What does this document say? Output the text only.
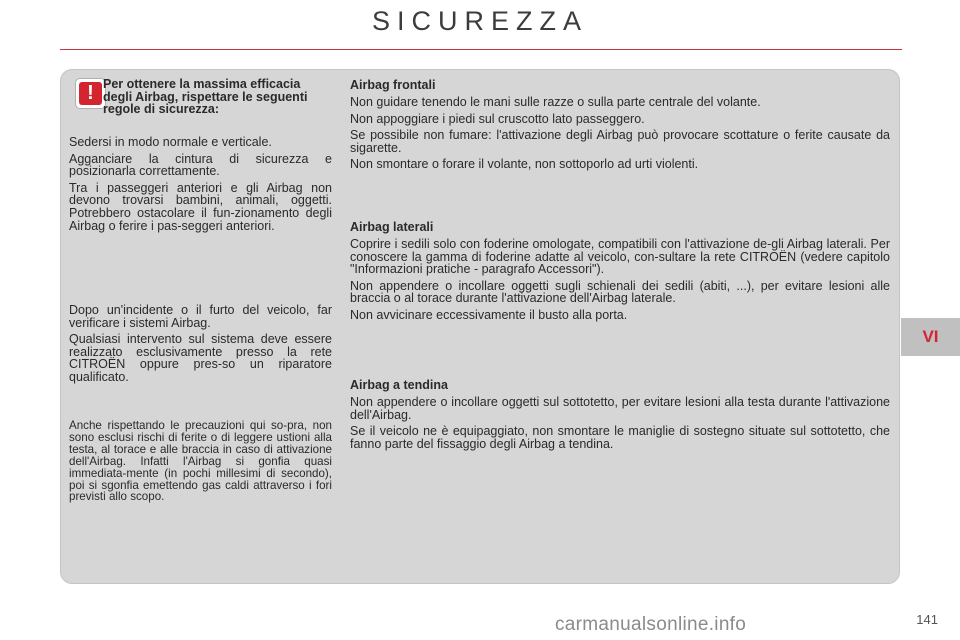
SICUREZZA
! Per ottenere la massima efficacia degli Airbag, rispettare le seguenti regole di sicurezza:

Sedersi in modo normale e verticale.

Agganciare la cintura di sicurezza e posizionarla correttamente.

Tra i passeggeri anteriori e gli Airbag non devono trovarsi bambini, animali, oggetti. Potrebbero ostacolare il fun-zionamento degli Airbag o ferire i pas-seggeri anteriori.

Dopo un'incidente o il furto del veicolo, far verificare i sistemi Airbag.

Qualsiasi intervento sul sistema deve essere realizzato esclusivamente presso la rete CITROËN oppure pres-so un riparatore qualificato.

Anche rispettando le precauzioni qui so-pra, non sono esclusi rischi di ferite o di leggere ustioni alla testa, al torace e alle braccia in caso di attivazione dell'Airbag. Infatti l'Airbag si gonfia quasi immediata-mente (in pochi millesimi di secondo), poi si sgonfia emettendo gas caldi attraverso i fori previsti allo scopo.

Airbag frontali

Non guidare tenendo le mani sulle razze o sulla parte centrale del volante.

Non appoggiare i piedi sul cruscotto lato passeggero.

Se possibile non fumare: l'attivazione degli Airbag può provocare scottature o ferite causate da sigarette.

Non smontare o forare il volante, non sottoporlo ad urti violenti.

Airbag laterali

Coprire i sedili solo con foderine omologate, compatibili con l'attivazione de-gli Airbag laterali. Per conoscere la gamma di foderine adatte al veicolo, con-sultare la rete CITROËN (vedere capitolo "Informazioni pratiche - paragrafo Accessori").

Non appendere o incollare oggetti sugli schienali dei sedili (abiti, ...), per evitare lesioni alle braccia o al torace durante l'attivazione dell'Airbag laterale.

Non avvicinare eccessivamente il busto alla porta.

Airbag a tendina

Non appendere o incollare oggetti sul sottotetto, per evitare lesioni alla testa durante l'attivazione dell'Airbag.

Se il veicolo ne è equipaggiato, non smontare le maniglie di sostegno situate sul sottotetto, che fanno parte del fissaggio degli Airbag a tendina.

VI
carmanualsonline.info	141
